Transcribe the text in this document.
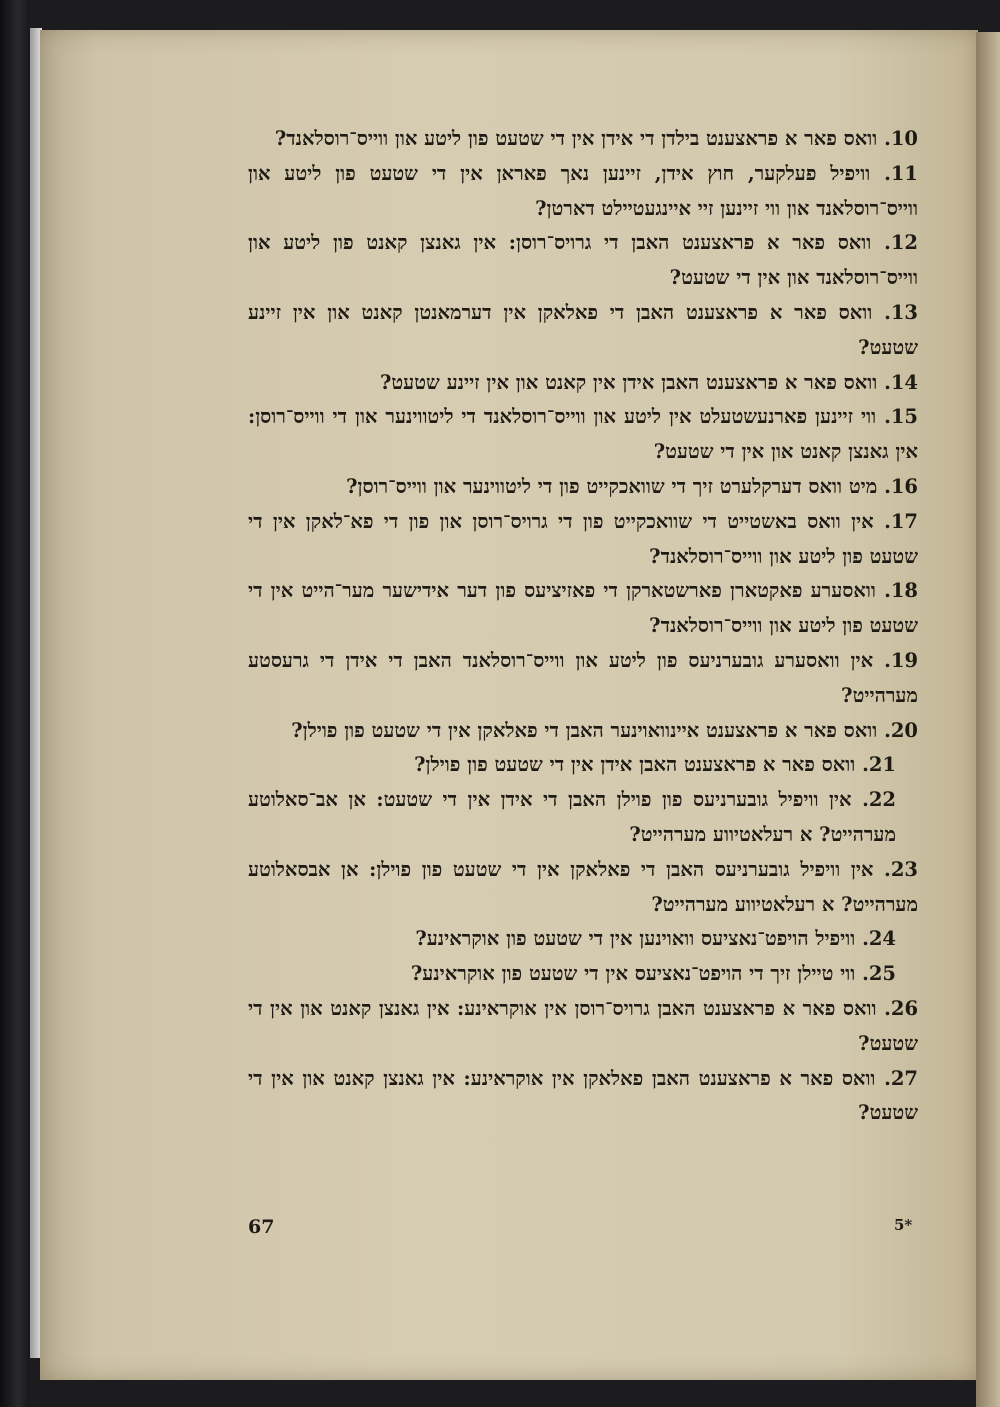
10. וואס פאר א פראצענט בילדן די אידן אין די שטעט פון ליטע און ווייס־רוסלאנד?

11. וויפיל פעלקער, חוץ אידן, זיינען נאך פאראן אין די שטעט פון ליטע און ווייס־רוסלאנד און ווי זיינען זיי איינגעטיילט דארטן?

12. וואס פאר א פראצענט האבן די גרויס־רוסן: אין גאנצן קאנט פון ליטע און ווייס־רוסלאנד און אין די שטעט?

13. וואס פאר א פראצענט האבן די פאלאקן אין דערמאנטן קאנט און אין זיינע שטעט?

14. וואס פאר א פראצענט האבן אידן אין קאנט און אין זיינע שטעט?

15. ווי זיינען פארנעשטעלט אין ליטע און ווייס־רוסלאנד די ליטווינער און די ווייס־רוסן: אין גאנצן קאנט און אין די שטעט?

16. מיט וואס דערקלערט זיך די שוואכקייט פון די ליטווינער און ווייס־רוסן?

17. אין וואס באשטייט די שוואכקייט פון די גרויס־רוסן און פון די פא־לאקן אין די שטעט פון ליטע און ווייס־רוסלאנד?

18. וואסערע פאקטארן פארשטארקן די פאזיציעס פון דער אידישער מער־הייט אין די שטעט פון ליטע און ווייס־רוסלאנד?

19. אין וואסערע גובערניעס פון ליטע און ווייס־רוסלאנד האבן די אידן די גרעסטע מערהייט?

20. וואס פאר א פראצענט איינוואוינער האבן די פאלאקן אין די שטעט פון פוילן?

21. וואס פאר א פראצענט האבן אידן אין די שטעט פון פוילן?

22. אין וויפיל גובערניעס פון פוילן האבן די אידן אין די שטעט: אן אב־סאלוטע מערהייט? א רעלאטיווע מערהייט?

23. אין וויפיל גובערניעס האבן די פאלאקן אין די שטעט פון פוילן: אן אבסאלוטע מערהייט? א רעלאטיווע מערהייט?

24. וויפיל הויפט־נאציעס וואוינען אין די שטעט פון אוקראינע?

25. ווי טיילן זיך די הויפט־נאציעס אין די שטעט פון אוקראינע?

26. וואס פאר א פראצענט האבן גרויס־רוסן אין אוקראינע: אין גאנצן קאנט און אין די שטעט?

27. וואס פאר א פראצענט האבן פאלאקן אין אוקראינע: אין גאנצן קאנט און אין די שטעט?

67	5*
